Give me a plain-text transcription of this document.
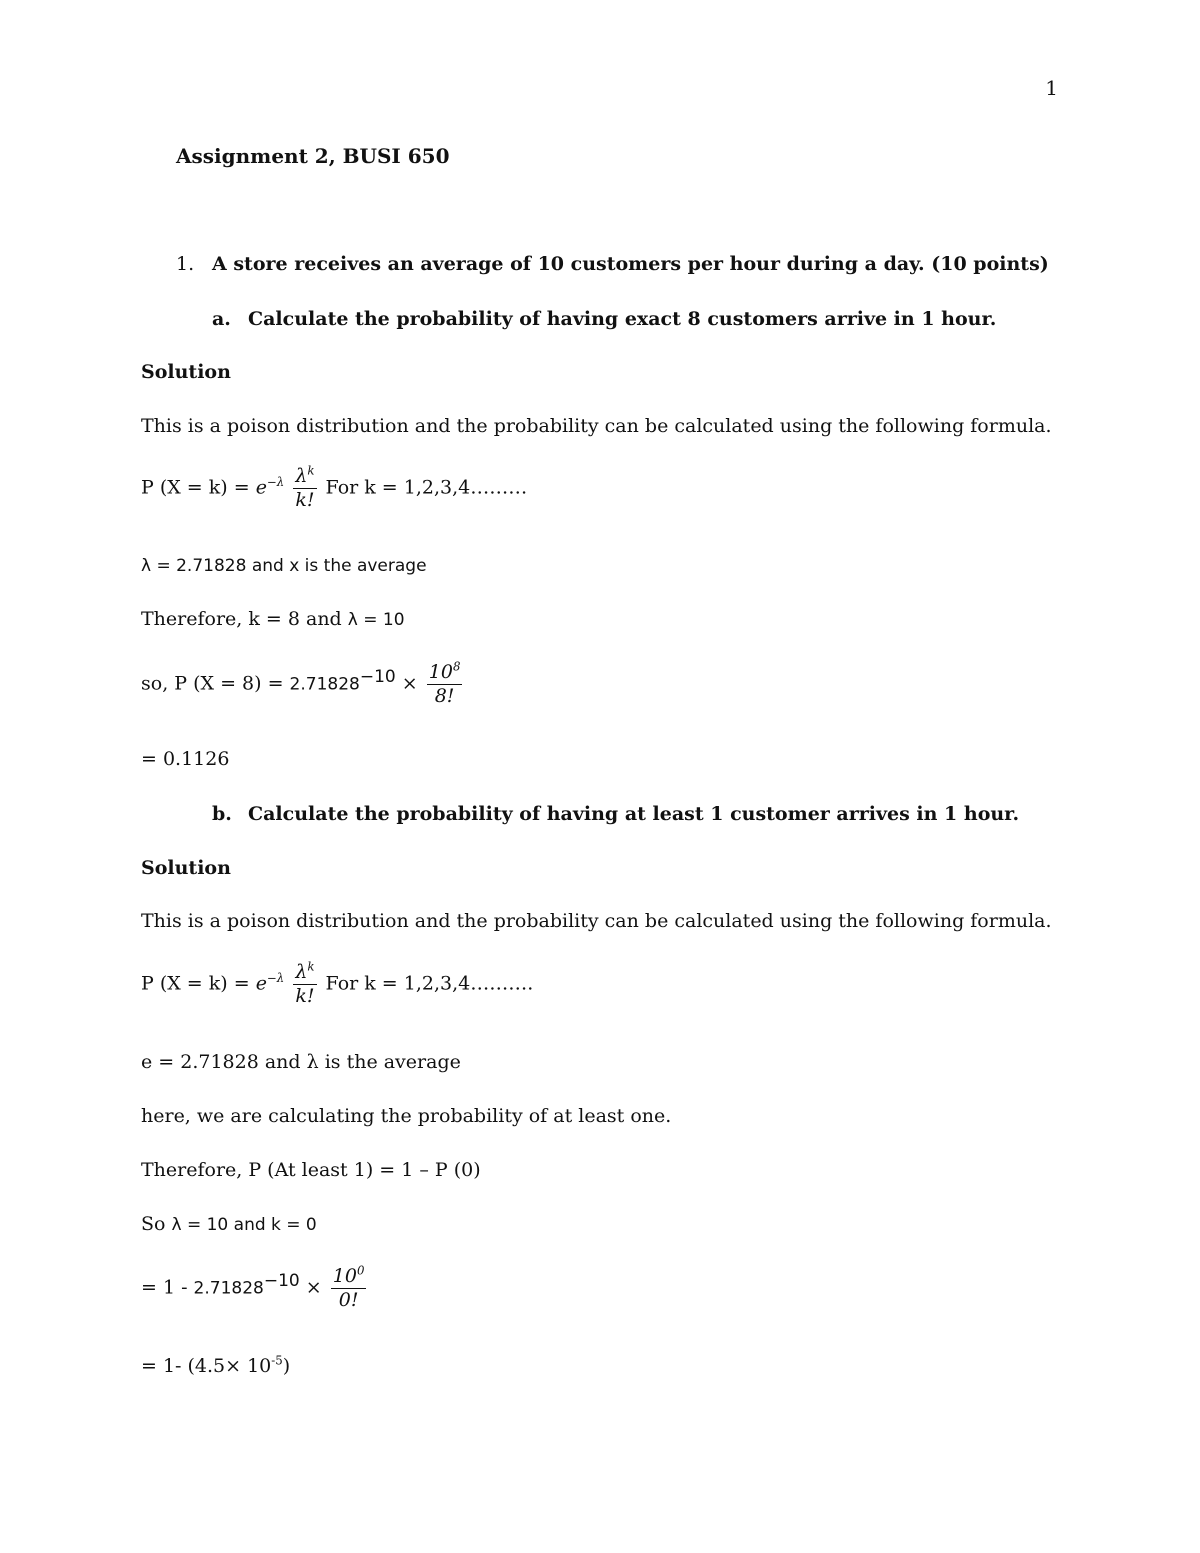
1
Assignment 2, BUSI 650
1. A store receives an average of 10 customers per hour during a day. (10 points)
a. Calculate the probability of having exact 8 customers arrive in 1 hour.
Solution
This is a poison distribution and the probability can be calculated using the following formula.
P $(X = k) = e^{-\lambda} \frac{\lambda^k}{k!}$ For k = 1,2,3,4………
λ = 2.71828 and x is the average
Therefore, k = 8 and λ = 10
so, P $(X = 8) = 2.71828^{-10} \times \frac{10^8}{8!}$
= 0.1126
b. Calculate the probability of having at least 1 customer arrives in 1 hour.
Solution
This is a poison distribution and the probability can be calculated using the following formula.
P $(X = k) = e^{-\lambda} \frac{\lambda^k}{k!}$ For k = 1,2,3,4……….
e = 2.71828 and λ is the average
here, we are calculating the probability of at least one.
Therefore, P (At least 1) = 1 – P (0)
So λ = 10 and k = 0
= $1 - 2.71828^{-10} \times \frac{10^0}{0!}$
= 1- $(4.5\times 10^{-5})$
